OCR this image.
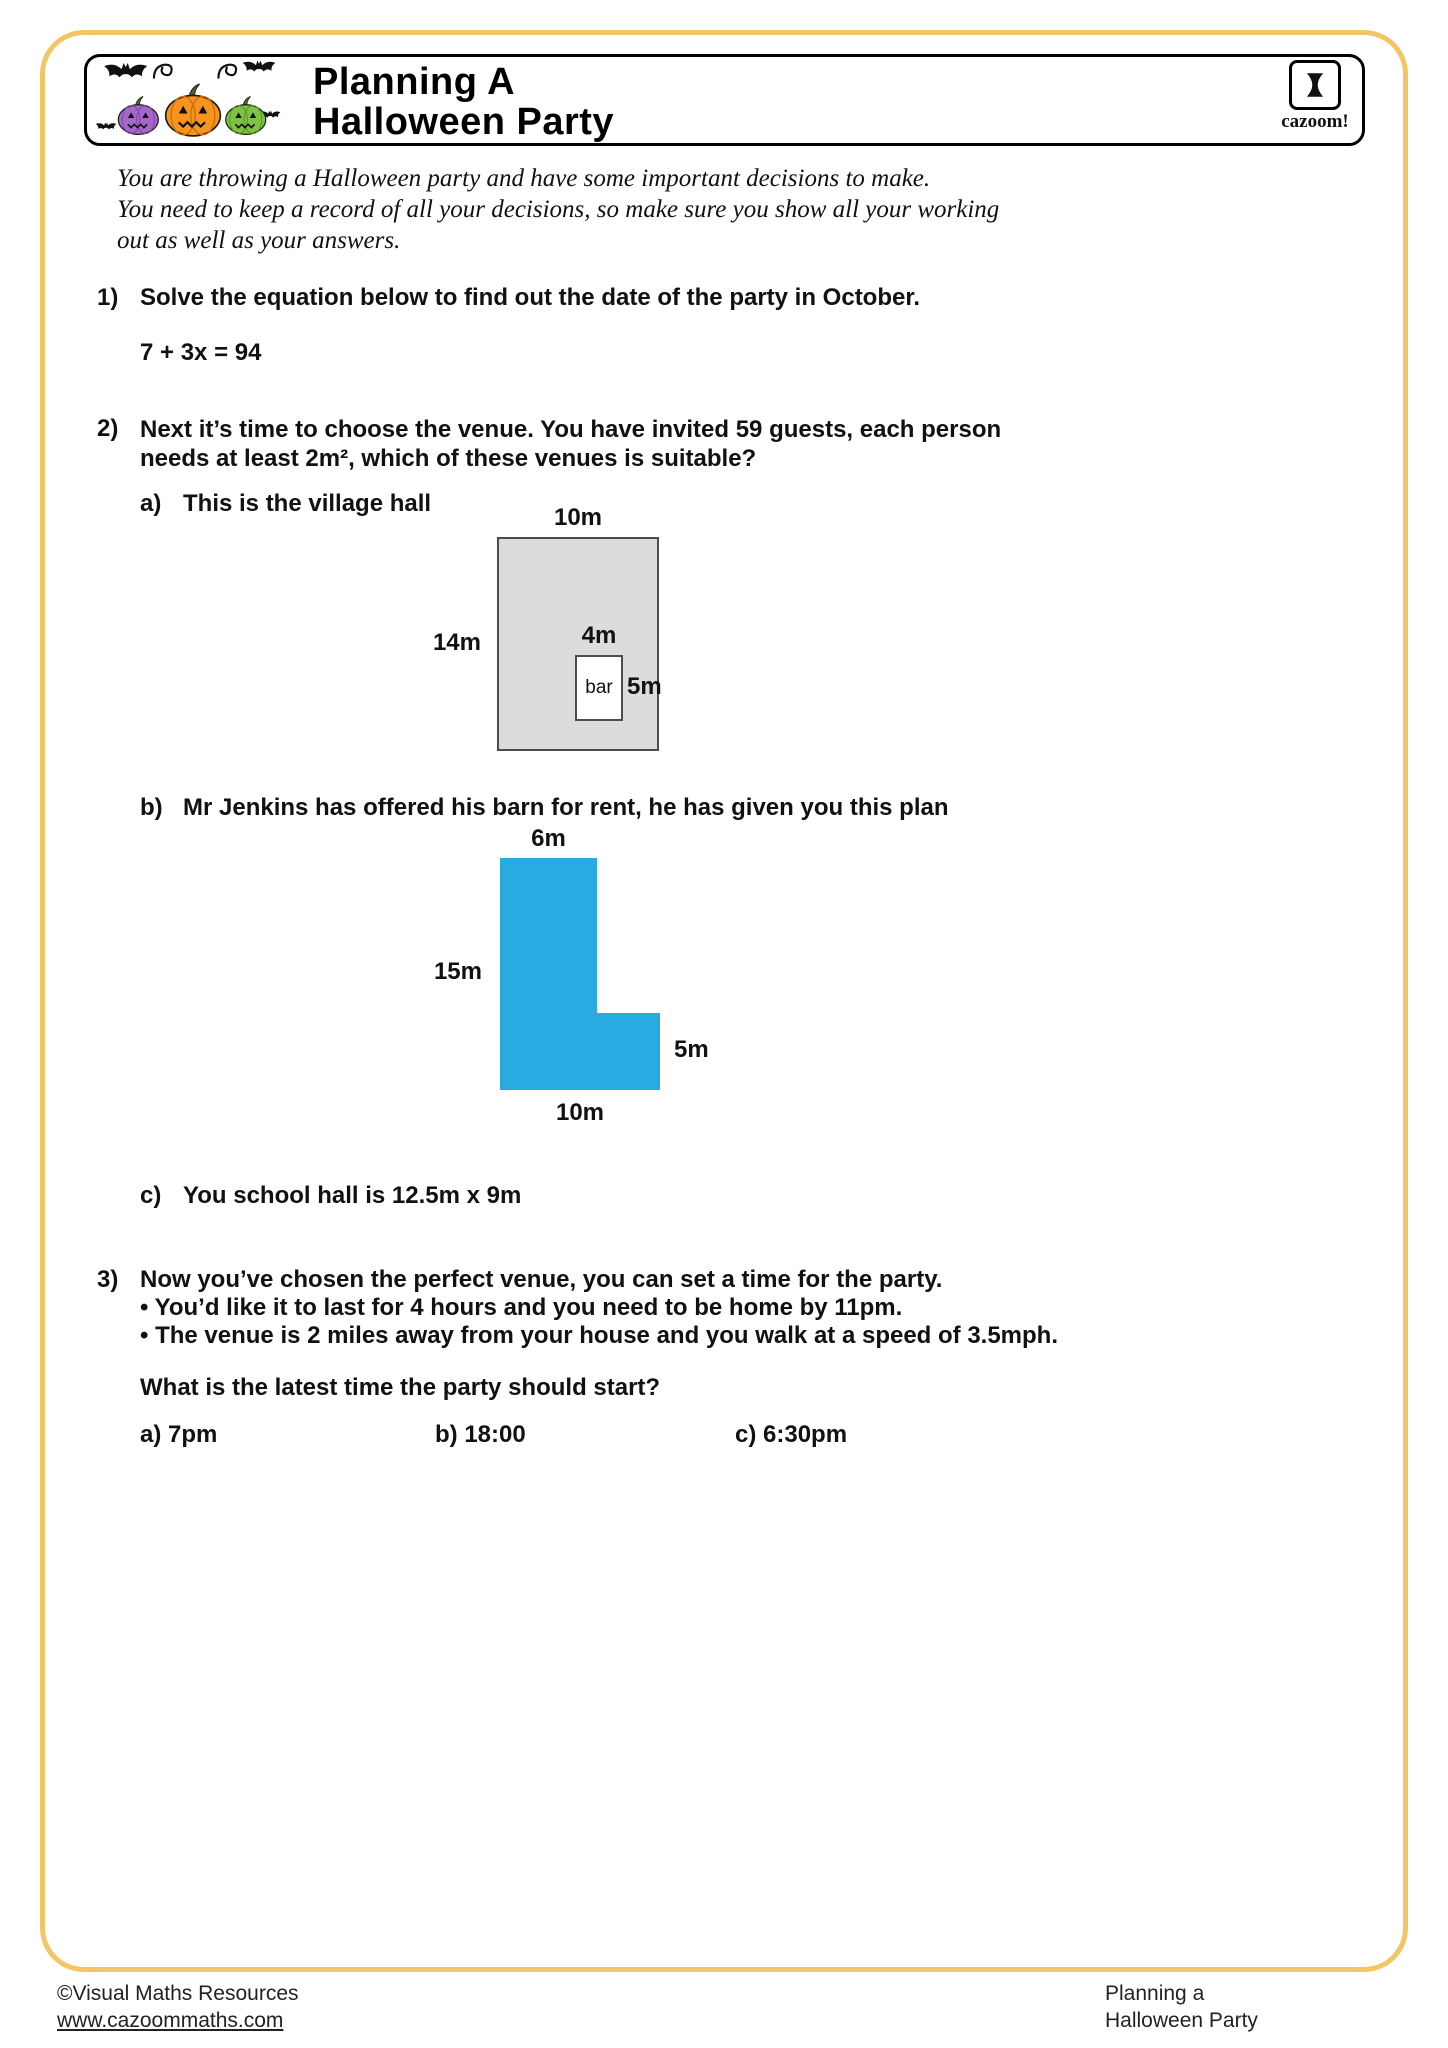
Planning A
Halloween Party	cazoom!
You are throwing a Halloween party and have some important decisions to make.
You need to keep a record of all your decisions, so make sure you show all your working
out as well as your answers.
1) Solve the equation below to find out the date of the party in October.
7 + 3x = 94
2) Next it’s time to choose the venue. You have invited 59 guests, each person
needs at least 2m², which of these venues is suitable?
a) This is the village hall
10m
14m	4m
bar 5m
b) Mr Jenkins has offered his barn for rent, he has given you this plan
6m
15m
5m
10m
c) You school hall is 12.5m x 9m
3) Now you’ve chosen the perfect venue, you can set a time for the party.
• You’d like it to last for 4 hours and you need to be home by 11pm.
• The venue is 2 miles away from your house and you walk at a speed of 3.5mph.
What is the latest time the party should start?
a) 7pm	b) 18:00	c) 6:30pm
©Visual Maths Resources
www.cazoommaths.com
Planning a
Halloween Party
